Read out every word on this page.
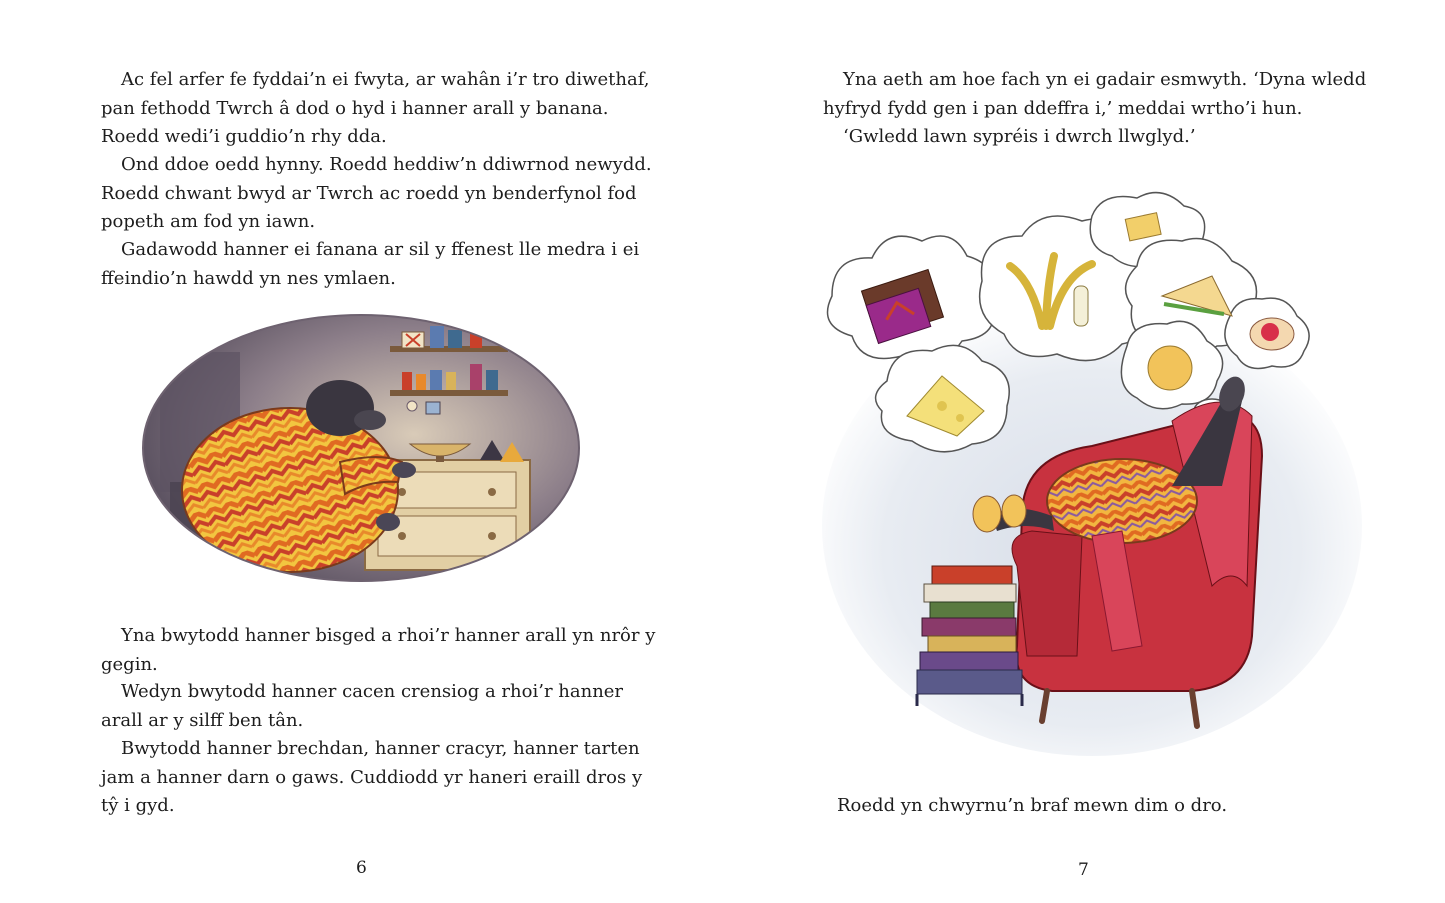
Ac fel arfer fe fyddai’n ei fwyta, ar wahân i’r tro diwethaf,
pan fethodd Twrch â dod o hyd i hanner arall y banana.
Roedd wedi’i guddio’n rhy dda.
Ond ddoe oedd hynny. Roedd heddiw’n ddiwrnod newydd.
Roedd chwant bwyd ar Twrch ac roedd yn benderfynol fod
popeth am fod yn iawn.
Gadawodd hanner ei fanana ar sil y ffenest lle medra i ei
ffeindio’n hawdd yn nes ymlaen.
Yna bwytodd hanner bisged a rhoi’r hanner arall yn nrôr y
gegin.
Wedyn bwytodd hanner cacen crensiog a rhoi’r hanner
arall ar y silff ben tân.
Bwytodd hanner brechdan, hanner cracyr, hanner tarten
jam a hanner darn o gaws. Cuddiodd yr haneri eraill dros y
tŷ i gyd.
6
Yna aeth am hoe fach yn ei gadair esmwyth. ‘Dyna wledd
hyfryd fydd gen i pan ddeffra i,’ meddai wrtho’i hun.
‘Gwledd lawn sypréis i dwrch llwglyd.’
Roedd yn chwyrnu’n braf mewn dim o dro.
7
